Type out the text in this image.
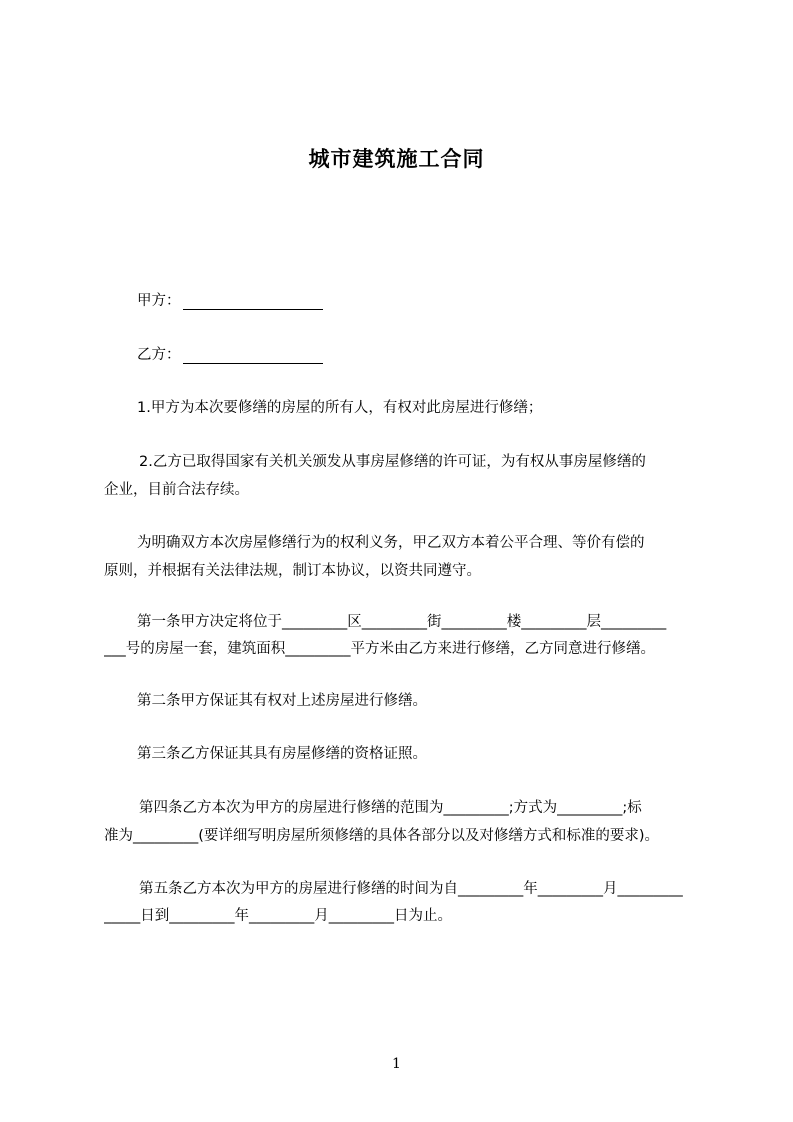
城市建筑施工合同
甲方：
乙方：
1.甲方为本次要修缮的房屋的所有人，有权对此房屋进行修缮；
2.乙方已取得国家有关机关颁发从事房屋修缮的许可证，为有权从事房屋修缮的
企业，目前合法存续。
为明确双方本次房屋修缮行为的权利义务，甲乙双方本着公平合理、等价有偿的
原则，并根据有关法律法规，制订本协议，以资共同遵守。
第一条甲方决定将位于_________区_________街_________楼_________层_________
___号的房屋一套，建筑面积_________平方米由乙方来进行修缮，乙方同意进行修缮。
第二条甲方保证其有权对上述房屋进行修缮。
第三条乙方保证其具有房屋修缮的资格证照。
第四条乙方本次为甲方的房屋进行修缮的范围为_________;方式为_________;标
准为_________(要详细写明房屋所须修缮的具体各部分以及对修缮方式和标准的要求)。
第五条乙方本次为甲方的房屋进行修缮的时间为自_________年_________月_________
_____日到_________年_________月_________日为止。
1
